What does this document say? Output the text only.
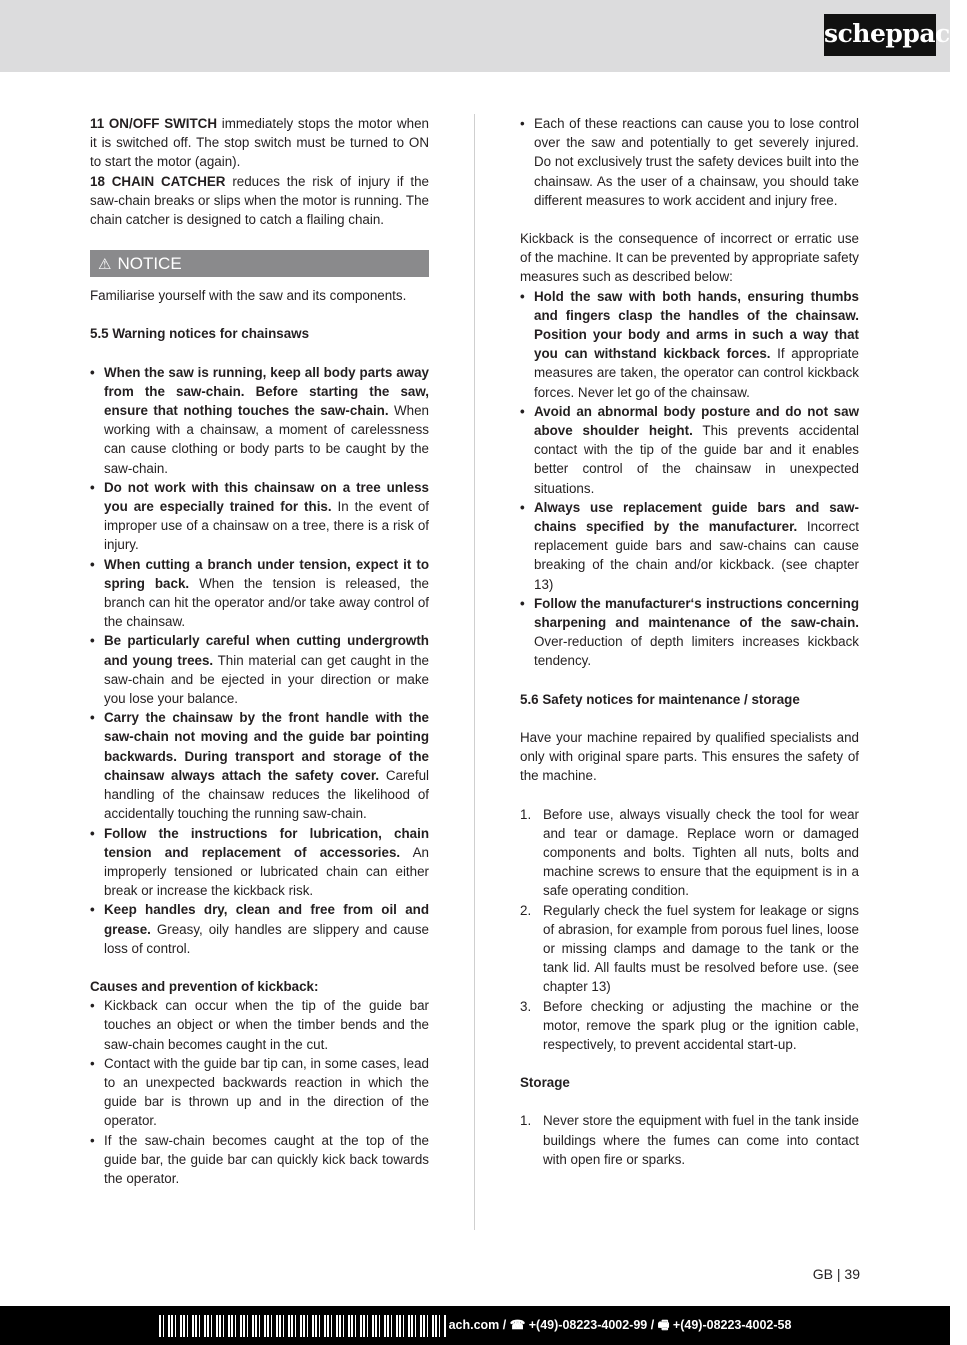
scheppach

11 ON/OFF SWITCH immediately stops the motor when it is switched off. The stop switch must be turned to ON to start the motor (again).

18 CHAIN CATCHER reduces the risk of injury if the saw-chain breaks or slips when the motor is running. The chain catcher is designed to catch a flailing chain.

⚠ NOTICE

Familiarise yourself with the saw and its components.

5.5 Warning notices for chainsaws

• When the saw is running, keep all body parts away from the saw-chain. Before starting the saw, ensure that nothing touches the saw-chain. When working with a chainsaw, a moment of carelessness can cause clothing or body parts to be caught by the saw-chain.
• Do not work with this chainsaw on a tree unless you are especially trained for this. In the event of improper use of a chainsaw on a tree, there is a risk of injury.
• When cutting a branch under tension, expect it to spring back. When the tension is released, the branch can hit the operator and/or take away control of the chainsaw.
• Be particularly careful when cutting undergrowth and young trees. Thin material can get caught in the saw-chain and be ejected in your direction or make you lose your balance.
• Carry the chainsaw by the front handle with the saw-chain not moving and the guide bar pointing backwards. During transport and storage of the chainsaw always attach the safety cover. Careful handling of the chainsaw reduces the likelihood of accidentally touching the running saw-chain.
• Follow the instructions for lubrication, chain tension and replacement of accessories. An improperly tensioned or lubricated chain can either break or increase the kickback risk.
• Keep handles dry, clean and free from oil and grease. Greasy, oily handles are slippery and cause loss of control.

Causes and prevention of kickback:

• Kickback can occur when the tip of the guide bar touches an object or when the timber bends and the saw-chain becomes caught in the cut.
• Contact with the guide bar tip can, in some cases, lead to an unexpected backwards reaction in which the guide bar is thrown up and in the direction of the operator.
• If the saw-chain becomes caught at the top of the guide bar, the guide bar can quickly kick back towards the operator.
• Each of these reactions can cause you to lose control over the saw and potentially to get severely injured. Do not exclusively trust the safety devices built into the chainsaw. As the user of a chainsaw, you should take different measures to work accident and injury free.

Kickback is the consequence of incorrect or erratic use of the machine. It can be prevented by appropriate safety measures such as described below:

• Hold the saw with both hands, ensuring thumbs and fingers clasp the handles of the chainsaw. Position your body and arms in such a way that you can withstand kickback forces. If appropriate measures are taken, the operator can control kickback forces. Never let go of the chainsaw.
• Avoid an abnormal body posture and do not saw above shoulder height. This prevents accidental contact with the tip of the guide bar and it enables better control of the chainsaw in unexpected situations.
• Always use replacement guide bars and saw-chains specified by the manufacturer. Incorrect replacement guide bars and saw-chains can cause breaking of the chain and/or kickback. (see chapter 13)
• Follow the manufacturer‘s instructions concerning sharpening and maintenance of the saw-chain. Over-reduction of depth limiters increases kickback tendency.

5.6 Safety notices for maintenance / storage

Have your machine repaired by qualified specialists and only with original spare parts. This ensures the safety of the machine.

1. Before use, always visually check the tool for wear and tear or damage. Replace worn or damaged components and bolts. Tighten all nuts, bolts and machine screws to ensure that the equipment is in a safe operating condition.
2. Regularly check the fuel system for leakage or signs of abrasion, for example from porous fuel lines, loose or missing clamps and damage to the tank or the tank lid. All faults must be resolved before use. (see chapter 13)
3. Before checking or adjusting the machine or the motor, remove the spark plug or the ignition cable, respectively, to prevent accidental start-up.

Storage

1. Never store the equipment with fuel in the tank inside buildings where the fumes can come into contact with open fire or sparks.
GB | 39
ach.com / ☎ +(49)-08223-4002-99 / 🖷 +(49)-08223-4002-58
